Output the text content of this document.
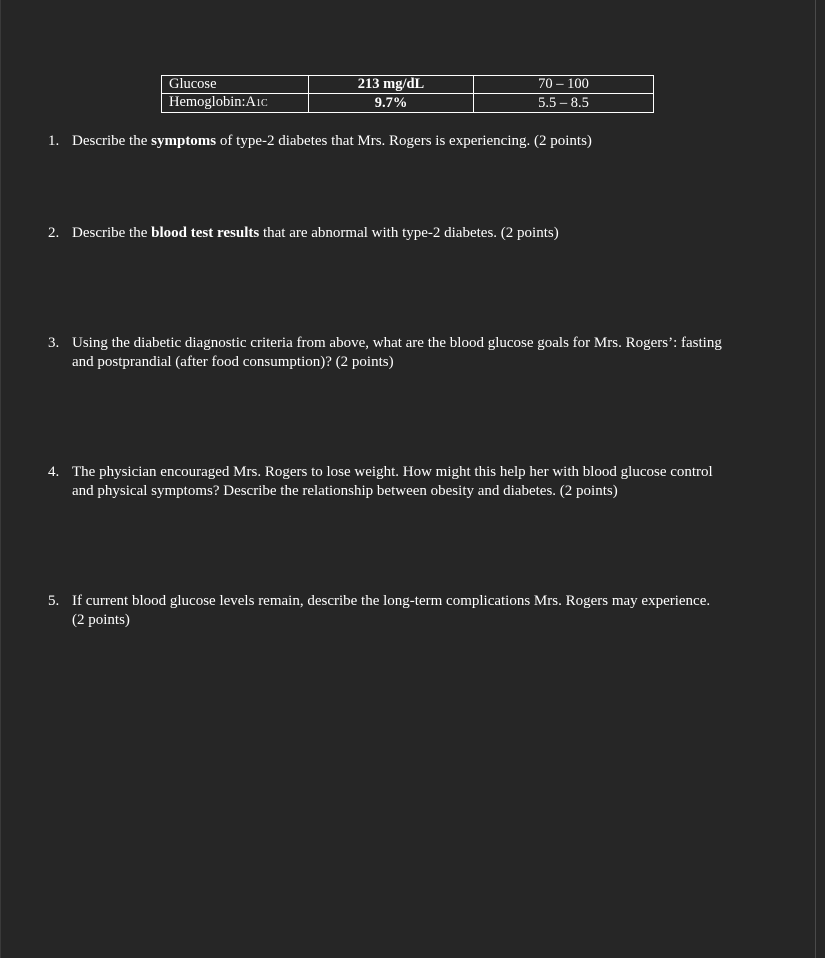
Glucose	213 mg/dL	70 – 100
Hemoglobin:A1C	9.7%	5.5 – 8.5
1. Describe the symptoms of type-2 diabetes that Mrs. Rogers is experiencing. (2 points)
2. Describe the blood test results that are abnormal with type-2 diabetes. (2 points)
3. Using the diabetic diagnostic criteria from above, what are the blood glucose goals for Mrs. Rogers’: fasting
and postprandial (after food consumption)? (2 points)
4. The physician encouraged Mrs. Rogers to lose weight. How might this help her with blood glucose control
and physical symptoms? Describe the relationship between obesity and diabetes. (2 points)
5. If current blood glucose levels remain, describe the long-term complications Mrs. Rogers may experience.
(2 points)
